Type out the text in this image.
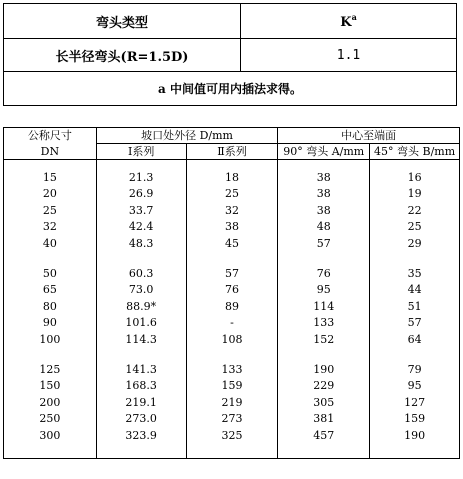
弯头类型	$K^a$
长半径弯头(R=1.5D)	1.1
a 中间值可用内插法求得。	
公称尺寸	坡口处外径 D/mm		中心至端面	
DN	Ⅰ系列	Ⅱ系列	90° 弯头 A/mm	45° 弯头 B/mm

15	21.3	18	38	16
20	26.9	25	38	19
25	33.7	32	38	22
32	42.4	38	48	25
40	48.3	45	57	29

50	60.3	57	76	35
65	73.0	76	95	44
80	88.9*	89	114	51
90	101.6	-	133	57
100	114.3	108	152	64

125	141.3	133	190	79
150	168.3	159	229	95
200	219.1	219	305	127
250	273.0	273	381	159
300	323.9	325	457	190
